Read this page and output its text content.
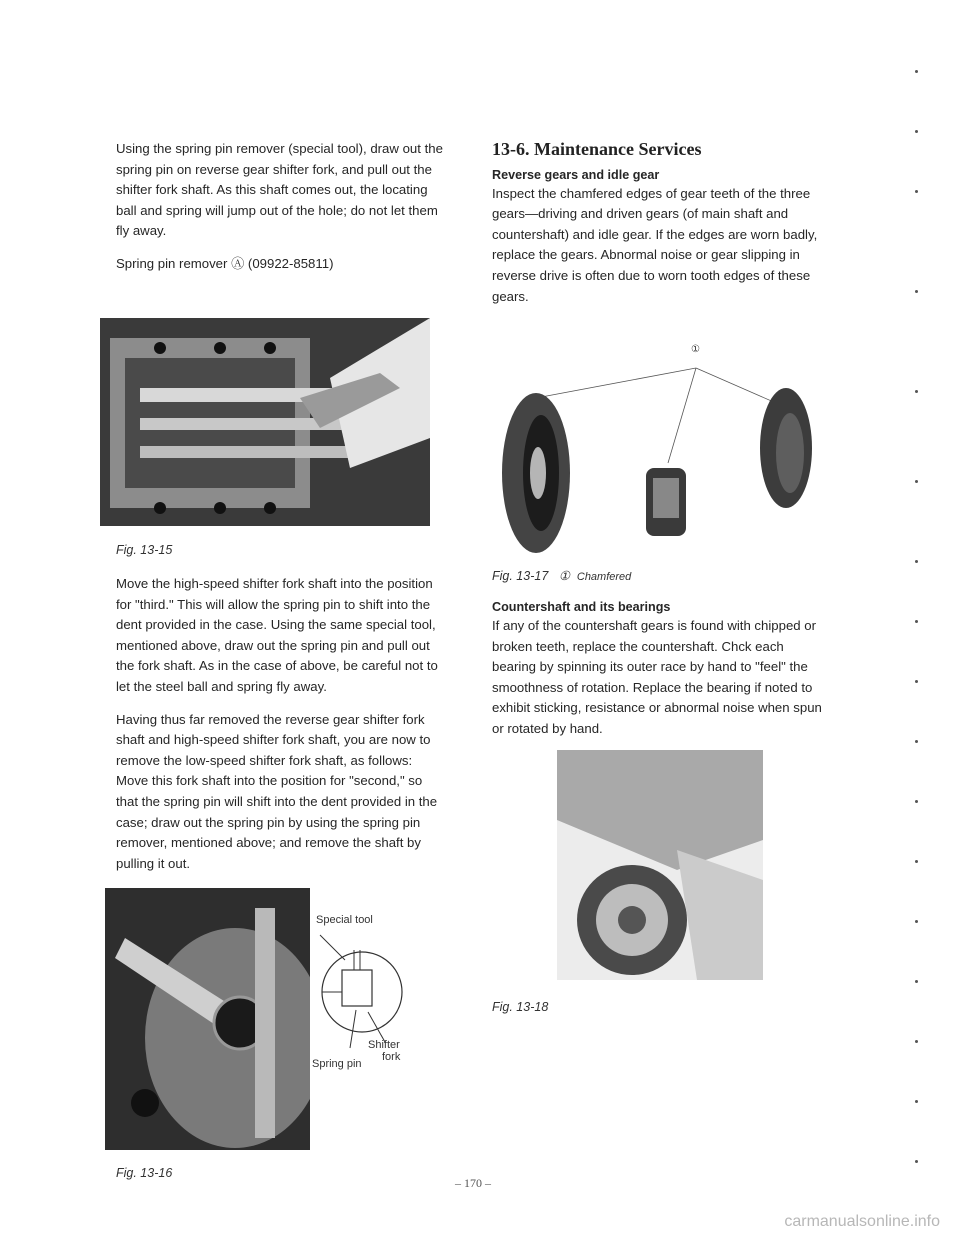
Using the spring pin remover (special tool), draw out the spring pin on reverse gear shifter fork, and pull out the shifter fork shaft. As this shaft comes out, the locating ball and spring will jump out of the hole; do not let them fly away.

Spring pin remover Ⓐ (09922-85811)

Fig. 13-15

Move the high-speed shifter fork shaft into the position for "third." This will allow the spring pin to shift into the dent provided in the case. Using the same special tool, mentioned above, draw out the spring pin and pull out the fork shaft. As in the case of above, be careful not to let the steel ball and spring fly away.

Having thus far removed the reverse gear shifter fork shaft and high-speed shifter fork shaft, you are now to remove the low-speed shifter fork shaft, as follows: Move this fork shaft into the position for "second," so that the spring pin will shift into the dent provided in the case; draw out the spring pin by using the spring pin remover, mentioned above; and remove the shaft by pulling it out.

Special tool
Shifter
fork
Spring pin
Fig. 13-16

13-6. Maintenance Services

Reverse gears and idle gear

Inspect the chamfered edges of gear teeth of the three gears—driving and driven gears (of main shaft and countershaft) and idle gear. If the edges are worn badly, replace the gears. Abnormal noise or gear slipping in reverse drive is often due to worn tooth edges of these gears.

①
Fig. 13-17 ① Chamfered

Countershaft and its bearings

If any of the countershaft gears is found with chipped or broken teeth, replace the countershaft. Chck each bearing by spinning its outer race by hand to "feel" the smoothness of rotation. Replace the bearing if noted to exhibit sticking, resistance or abnormal noise when spun or rotated by hand.

Fig. 13-18
– 170 –
carmanualsonline.info
